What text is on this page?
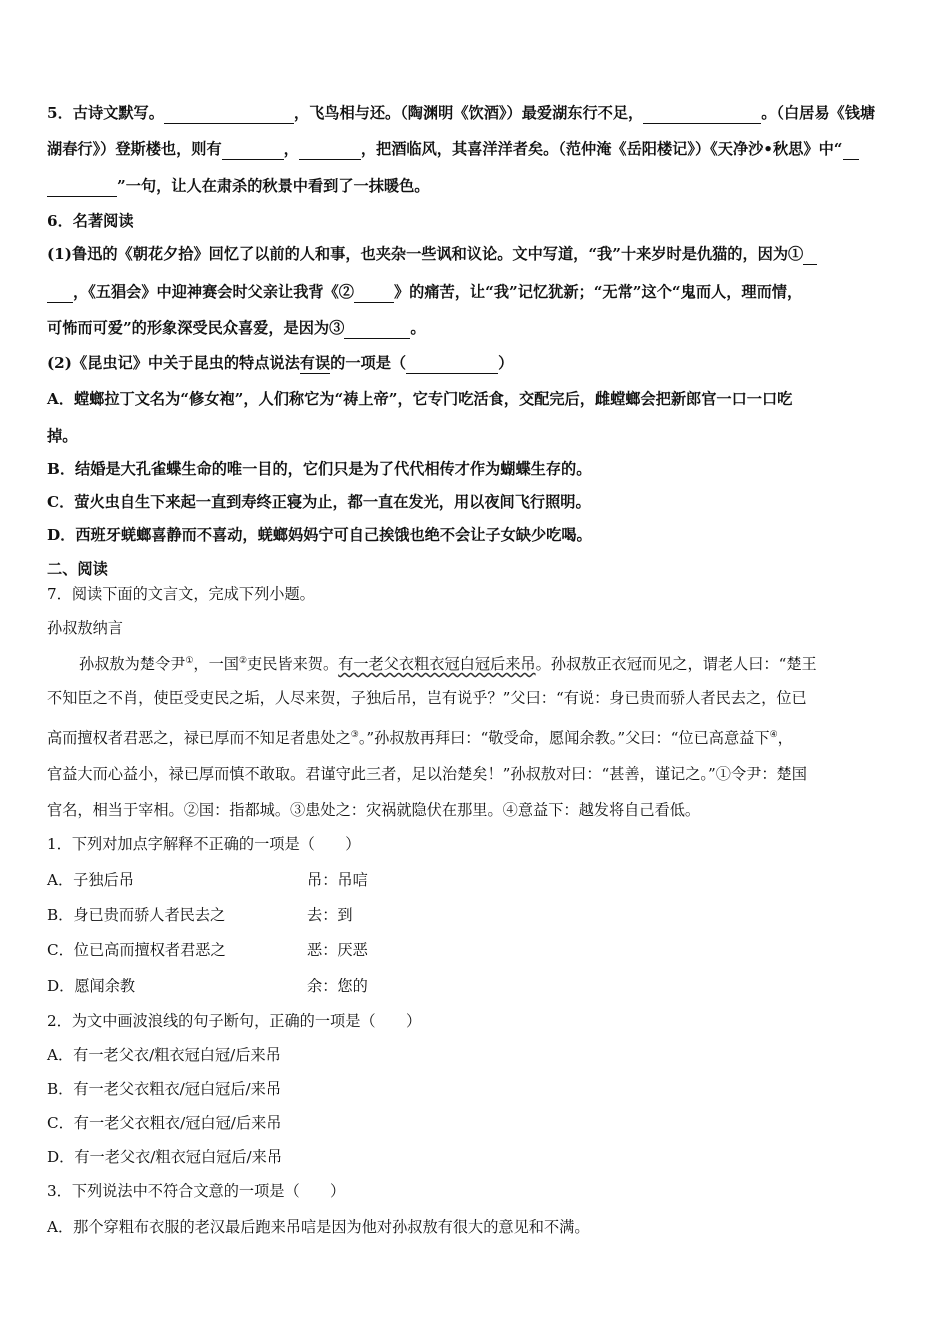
5．古诗文默写。	，飞鸟相与还。（陶渊明《饮酒》）最爱湖东行不足，	。（白居易《钱塘
湖春行》）登斯楼也，则有	，	，把酒临风，其喜洋洋者矣。（范仲淹《岳阳楼记》）《天净沙•秋思》中“
”一句，让人在肃杀的秋景中看到了一抹暖色。
6．名著阅读
(1)鲁迅的《朝花夕拾》回忆了以前的人和事，也夹杂一些讽和议论。文中写道，“我”十来岁时是仇猫的，因为①
，《五猖会》中迎神赛会时父亲让我背《②	》的痛苦，让“我”记忆犹新；“无常”这个“鬼而人，理而情，
可怖而可爱”的形象深受民众喜爱，是因为③	。
(2)《昆虫记》中关于昆虫的特点说法有误的一项是（	）
A．螳螂拉丁文名为“修女袍”，人们称它为“祷上帝”，它专门吃活食，交配完后，雌螳螂会把新郎官一口一口吃
掉。
B．结婚是大孔雀蝶生命的唯一目的，它们只是为了代代相传才作为蝴蝶生存的。
C．萤火虫自生下来起一直到寿终正寝为止，都一直在发光，用以夜间飞行照明。
D．西班牙蜣螂喜静而不喜动，蜣螂妈妈宁可自己挨饿也绝不会让子女缺少吃喝。
二、阅读
7．阅读下面的文言文，完成下列小题。
孙叔敖纳言
孙叔敖为楚令尹①，一国②吏民皆来贺。有一老父衣粗衣冠白冠后来吊。孙叔敖正衣冠而见之，谓老人曰：“楚王
不知臣之不肖，使臣受吏民之垢，人尽来贺，子独后吊，岂有说乎？”父曰：“有说：身已贵而骄人者民去之，位已
高而擅权者君恶之，禄已厚而不知足者患处之③。”孙叔敖再拜曰：“敬受命，愿闻余教。”父曰：“位已高意益下④，
官益大而心益小，禄已厚而慎不敢取。君谨守此三者，足以治楚矣！”孙叔敖对曰：“甚善，谨记之。”①令尹：楚国
官名，相当于宰相。②国：指都城。③患处之：灾祸就隐伏在那里。④意益下：越发将自己看低。
1．下列对加点字解释不正确的一项是（　　）
A．子独后吊	吊：吊唁
B．身已贵而骄人者民去之	去：到
C．位已高而擅权者君恶之	恶：厌恶
D．愿闻余教	余：您的
2．为文中画波浪线的句子断句，正确的一项是（　　）
A．有一老父衣/粗衣冠白冠/后来吊
B．有一老父衣粗衣/冠白冠后/来吊
C．有一老父衣粗衣/冠白冠/后来吊
D．有一老父衣/粗衣冠白冠后/来吊
3．下列说法中不符合文意的一项是（　　）
A．那个穿粗布衣服的老汉最后跑来吊唁是因为他对孙叔敖有很大的意见和不满。
